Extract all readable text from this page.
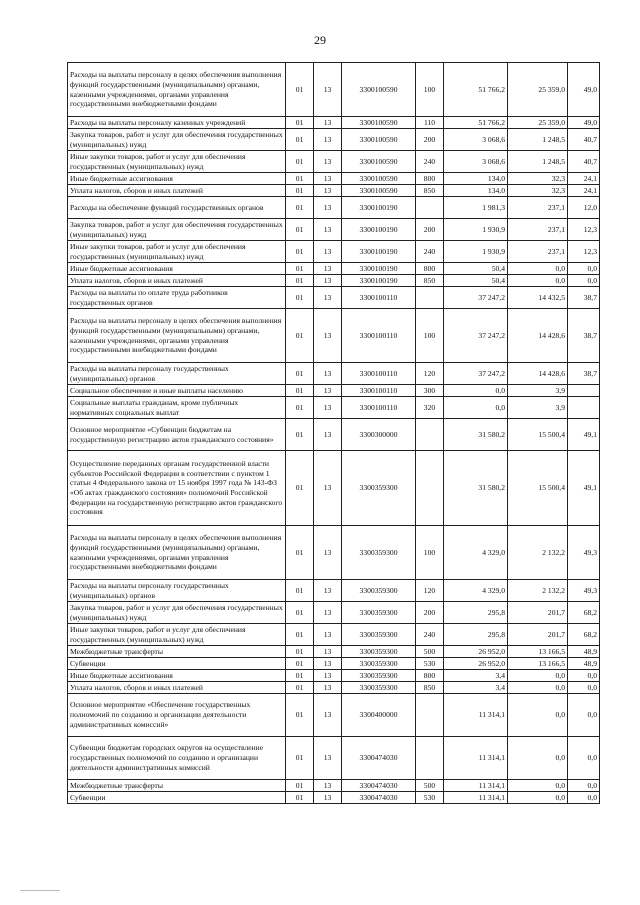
29
Расходы на выплаты персоналу в целях обеспечения выполнения функций государственными (муниципальными) органами, казенными учреждениями, органами управления государственными внебюджетными фондами	01	13	3300100590	100	51 766,2	25 359,0	49,0
Расходы на выплаты персоналу казенных учреждений	01	13	3300100590	110	51 766,2	25 359,0	49,0
Закупка товаров, работ и услуг для обеспечения государственных (муниципальных) нужд	01	13	3300100590	200	3 068,6	1 248,5	40,7
Иные закупки товаров, работ и услуг для обеспечения государственных (муниципальных) нужд	01	13	3300100590	240	3 068,6	1 248,5	40,7
Иные бюджетные ассигнования	01	13	3300100590	800	134,0	32,3	24,1
Уплата налогов, сборов и иных платежей	01	13	3300100590	850	134,0	32,3	24,1
Расходы на обеспечение функций государственных органов	01	13	3300100190		1 981,3	237,1	12,0
Закупка товаров, работ и услуг для обеспечения государственных (муниципальных) нужд	01	13	3300100190	200	1 930,9	237,1	12,3
Иные закупки товаров, работ и услуг для обеспечения государственных (муниципальных) нужд	01	13	3300100190	240	1 930,9	237,1	12,3
Иные бюджетные ассигнования	01	13	3300100190	800	50,4	0,0	0,0
Уплата налогов, сборов и иных платежей	01	13	3300100190	850	50,4	0,0	0,0
Расходы на выплаты по оплате труда работников государственных органов	01	13	3300100110		37 247,2	14 432,5	38,7
Расходы на выплаты персоналу в целях обеспечения выполнения функций государственными (муниципальными) органами, казенными учреждениями, органами управления государственными внебюджетными фондами	01	13	3300100110	100	37 247,2	14 428,6	38,7
Расходы на выплаты персоналу государственных (муниципальных) органов	01	13	3300100110	120	37 247,2	14 428,6	38,7
Социальное обеспечение и иные выплаты населению	01	13	3300100110	300	0,0	3,9	
Социальные выплаты гражданам, кроме публичных нормативных социальных выплат	01	13	3300100110	320	0,0	3,9	
Основное мероприятие «Субвенции бюджетам на государственную регистрацию актов гражданского состояния»	01	13	3300300000		31 580,2	15 500,4	49,1
Осуществление переданных органам государственной власти субъектов Российской Федерации в соответствии с пунктом 1 статьи 4 Федерального закона от 15 ноября 1997 года № 143-ФЗ «Об актах гражданского состояния» полномочий Российской Федерации на государственную регистрацию актов гражданского состояния	01	13	3300359300		31 580,2	15 500,4	49,1
Расходы на выплаты персоналу в целях обеспечения выполнения функций государственными (муниципальными) органами, казенными учреждениями, органами управления государственными внебюджетными фондами	01	13	3300359300	100	4 329,0	2 132,2	49,3
Расходы на выплаты персоналу государственных (муниципальных) органов	01	13	3300359300	120	4 329,0	2 132,2	49,3
Закупка товаров, работ и услуг для обеспечения государственных (муниципальных) нужд	01	13	3300359300	200	295,8	201,7	68,2
Иные закупки товаров, работ и услуг для обеспечения государственных (муниципальных) нужд	01	13	3300359300	240	295,8	201,7	68,2
Межбюджетные трансферты	01	13	3300359300	500	26 952,0	13 166,5	48,9
Субвенции	01	13	3300359300	530	26 952,0	13 166,5	48,9
Иные бюджетные ассигнования	01	13	3300359300	800	3,4	0,0	0,0
Уплата налогов, сборов и иных платежей	01	13	3300359300	850	3,4	0,0	0,0
Основное мероприятие «Обеспечение государственных полномочий по созданию и организации деятельности административных комиссий»	01	13	3300400000		11 314,1	0,0	0,0
Субвенции бюджетам городских округов на осуществление государственных полномочий по созданию и организации деятельности административных комиссий	01	13	3300474030		11 314,1	0,0	0,0
Межбюджетные трансферты	01	13	3300474030	500	11 314,1	0,0	0,0
Субвенции	01	13	3300474030	530	11 314,1	0,0	0,0
